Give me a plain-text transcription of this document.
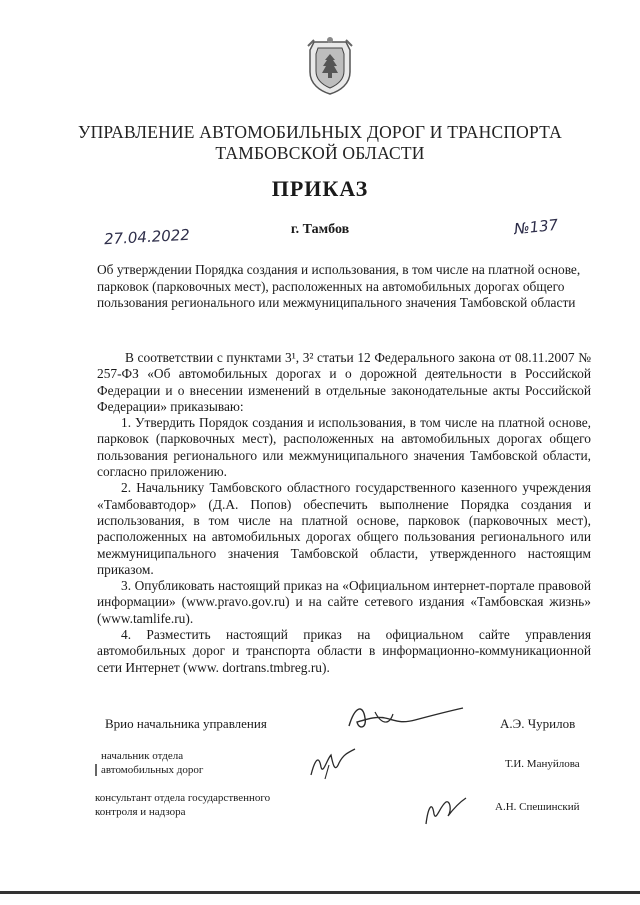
УПРАВЛЕНИЕ АВТОМОБИЛЬНЫХ ДОРОГ И ТРАНСПОРТА
ТАМБОВСКОЙ ОБЛАСТИ
ПРИКАЗ
27.04.2022	г. Тамбов	№137
Об утверждении Порядка создания и использования, в том числе на платной основе, парковок (парковочных мест), расположенных на автомобильных дорогах общего пользования регионального или межмуниципального значения Тамбовской области

В соответствии с пунктами 3¹, 3² статьи 12 Федерального закона от 08.11.2007 № 257-ФЗ «Об автомобильных дорогах и о дорожной деятельности в Российской Федерации и о внесении изменений в отдельные законодательные акты Российской Федерации» приказываю:

1. Утвердить Порядок создания и использования, в том числе на платной основе, парковок (парковочных мест), расположенных на автомобильных дорогах общего пользования регионального или межмуниципального значения Тамбовской области, согласно приложению.

2. Начальнику Тамбовского областного государственного казенного учреждения «Тамбовавтодор» (Д.А. Попов) обеспечить выполнение Порядка создания и использования, в том числе на платной основе, парковок (парковочных мест), расположенных на автомобильных дорогах общего пользования регионального или межмуниципального значения Тамбовской области, утвержденного настоящим приказом.

3. Опубликовать настоящий приказ на «Официальном интернет-портале правовой информации» (www.pravo.gov.ru) и на сайте сетевого издания «Тамбовская жизнь» (www.tamlife.ru).

4. Разместить настоящий приказ на официальном сайте управления автомобильных дорог и транспорта области в информационно-коммуникационной сети Интернет (www. dortrans.tmbreg.ru).

Врио начальника управления	А.Э. Чурилов
начальник отдела
автомобильных дорог	Т.И. Мануйлова
консультант отдела государственного
контроля и надзора	А.Н. Спешинский
